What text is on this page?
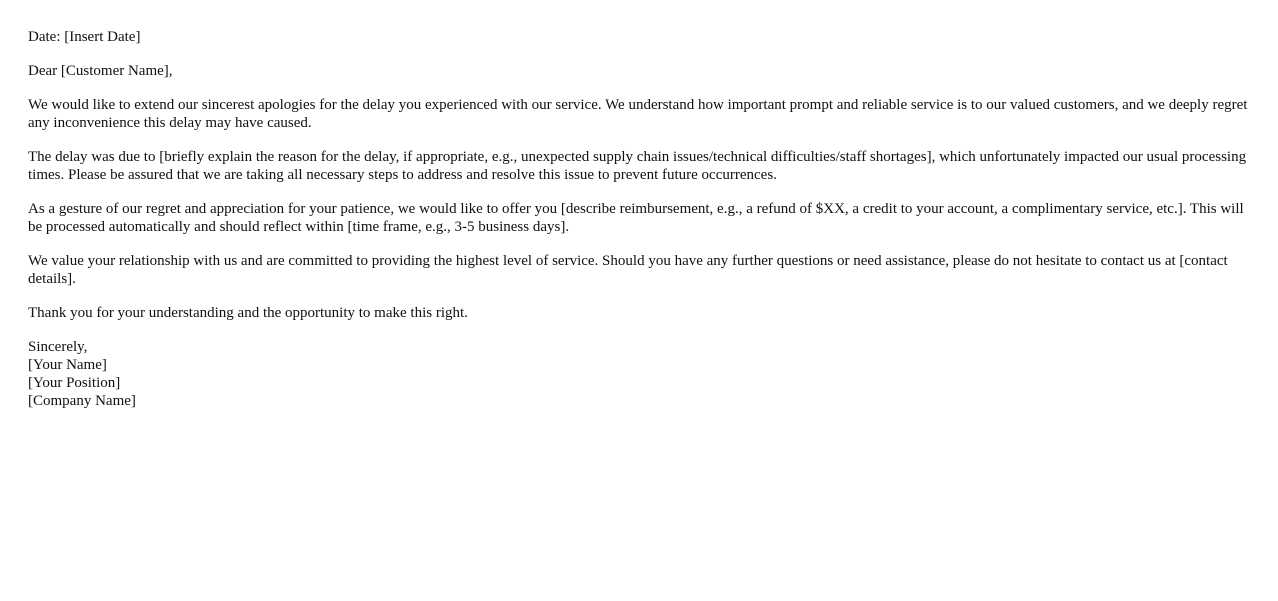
Date: [Insert Date]

Dear [Customer Name],

We would like to extend our sincerest apologies for the delay you experienced with our service. We understand how important prompt and reliable service is to our valued customers, and we deeply regret any inconvenience this delay may have caused.

The delay was due to [briefly explain the reason for the delay, if appropriate, e.g., unexpected supply chain issues/technical difficulties/staff shortages], which unfortunately impacted our usual processing times. Please be assured that we are taking all necessary steps to address and resolve this issue to prevent future occurrences.

As a gesture of our regret and appreciation for your patience, we would like to offer you [describe reimbursement, e.g., a refund of $XX, a credit to your account, a complimentary service, etc.]. This will be processed automatically and should reflect within [time frame, e.g., 3-5 business days].

We value your relationship with us and are committed to providing the highest level of service. Should you have any further questions or need assistance, please do not hesitate to contact us at [contact details].

Thank you for your understanding and the opportunity to make this right.

Sincerely,
[Your Name]
[Your Position]
[Company Name]
